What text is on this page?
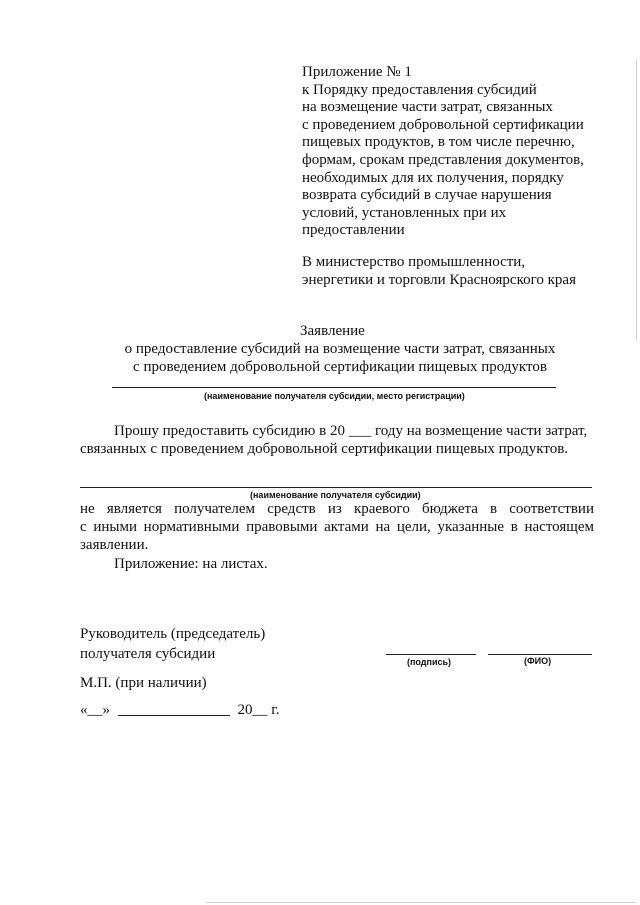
Приложение № 1
к Порядку предоставления субсидий
на возмещение части затрат, связанных
с проведением добровольной сертификации
пищевых продуктов, в том числе перечню,
формам, срокам представления документов,
необходимых для их получения, порядку
возврата субсидий в случае нарушения
условий, установленных при их
предоставлении
В министерство промышленности,
энергетики и торговли Красноярского края
Заявление
о предоставление субсидий на возмещение части затрат, связанных
с проведением добровольной сертификации пищевых продуктов
(наименование получателя субсидии, место регистрации)
Прошу предоставить субсидию в 20 ___ году на возмещение части затрат,
связанных с проведением добровольной сертификации пищевых продуктов.
(наименование получателя субсидии)
не является получателем средств из краевого бюджета в соответствии
с иными нормативными правовыми актами на цели, указанные в настоящем
заявлении.
Приложение: на листах.
Руководитель (председатель)
получателя субсидии	(подпись)	(ФИО)
М.П. (при наличии)
«__»	20__ г.
